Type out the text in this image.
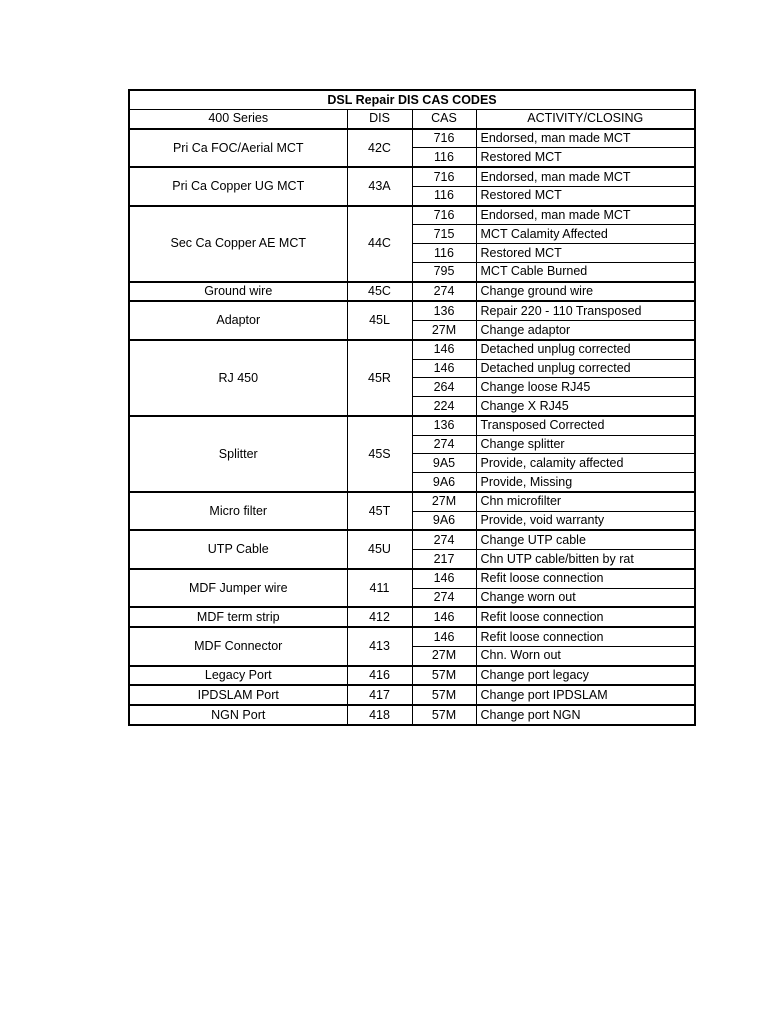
DSL Repair DIS CAS CODES			
400 Series	DIS	CAS	ACTIVITY/CLOSING
Pri Ca FOC/Aerial MCT	42C	716	Endorsed, man made MCT
		116	Restored MCT
Pri Ca Copper UG MCT	43A	716	Endorsed, man made MCT
		116	Restored MCT
Sec Ca Copper AE MCT	44C	716	Endorsed, man made MCT
		715	MCT Calamity Affected
		116	Restored MCT
		795	MCT Cable Burned
Ground wire	45C	274	Change ground wire
Adaptor	45L	136	Repair 220 - 110 Transposed
		27M	Change adaptor
RJ 450	45R	146	Detached unplug corrected
		146	Detached unplug corrected
		264	Change loose RJ45
		224	Change X RJ45
Splitter	45S	136	Transposed Corrected
		274	Change splitter
		9A5	Provide, calamity affected
		9A6	Provide, Missing
Micro filter	45T	27M	Chn microfilter
		9A6	Provide, void warranty
UTP Cable	45U	274	Change UTP cable
		217	Chn UTP cable/bitten by rat
MDF Jumper wire	411	146	Refit loose connection
		274	Change worn out
MDF term strip	412	146	Refit loose connection
MDF Connector	413	146	Refit loose connection
		27M	Chn. Worn out
Legacy Port	416	57M	Change port legacy
IPDSLAM Port	417	57M	Change port IPDSLAM
NGN Port	418	57M	Change port NGN
